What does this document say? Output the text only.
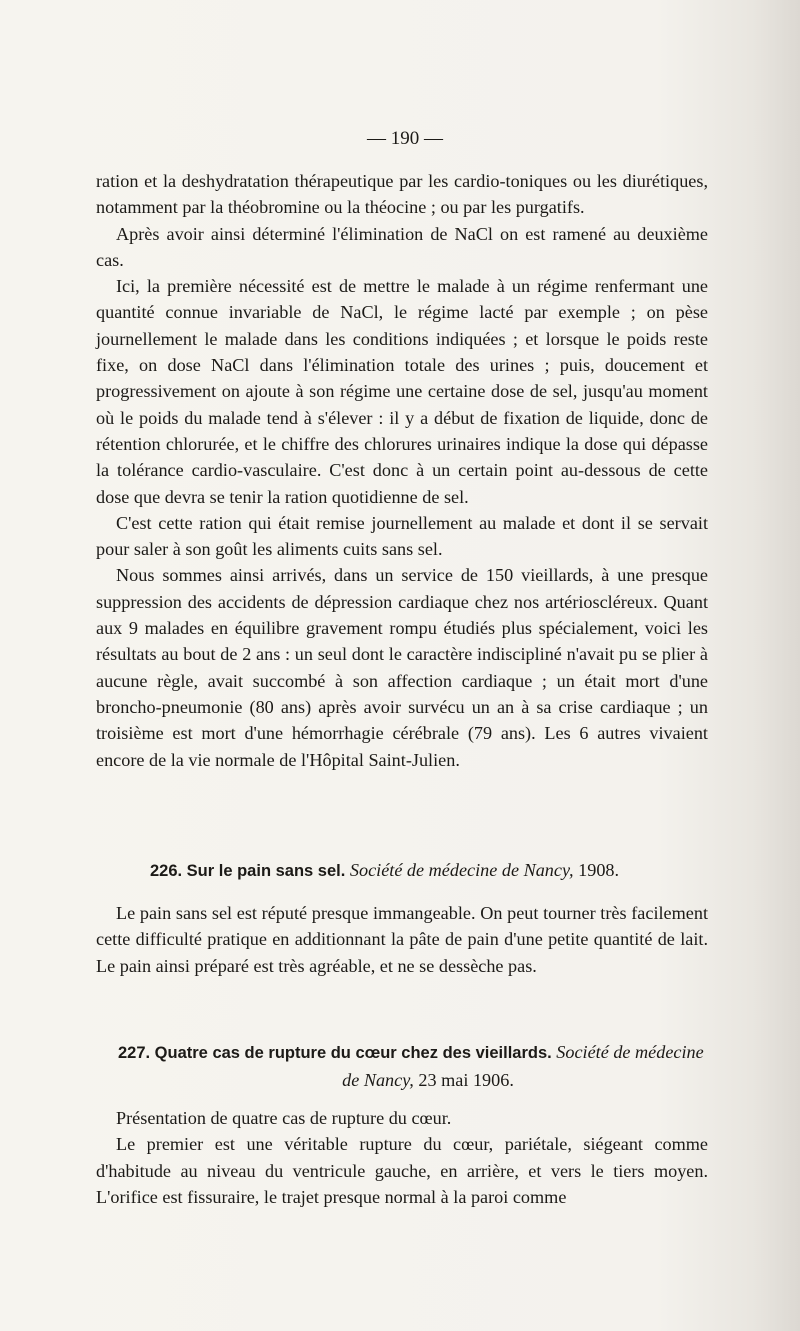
— 190 —

ration et la deshydratation thérapeutique par les cardio-toniques ou les diurétiques, notamment par la théobromine ou la théocine ; ou par les purgatifs.

Après avoir ainsi déterminé l'élimination de NaCl on est ramené au deuxième cas.

Ici, la première nécessité est de mettre le malade à un régime renfermant une quantité connue invariable de NaCl, le régime lacté par exemple ; on pèse journellement le malade dans les conditions indiquées ; et lorsque le poids reste fixe, on dose NaCl dans l'élimination totale des urines ; puis, doucement et progressivement on ajoute à son régime une certaine dose de sel, jusqu'au moment où le poids du malade tend à s'élever : il y a début de fixation de liquide, donc de rétention chlorurée, et le chiffre des chlorures urinaires indique la dose qui dépasse la tolérance cardio-vasculaire. C'est donc à un certain point au-dessous de cette dose que devra se tenir la ration quotidienne de sel.

C'est cette ration qui était remise journellement au malade et dont il se servait pour saler à son goût les aliments cuits sans sel.

Nous sommes ainsi arrivés, dans un service de 150 vieillards, à une presque suppression des accidents de dépression cardiaque chez nos artérioscléreux. Quant aux 9 malades en équilibre gravement rompu étudiés plus spécialement, voici les résultats au bout de 2 ans : un seul dont le caractère indiscipliné n'avait pu se plier à aucune règle, avait succombé à son affection cardiaque ; un était mort d'une broncho-pneumonie (80 ans) après avoir survécu un an à sa crise cardiaque ; un troisième est mort d'une hémorrhagie cérébrale (79 ans). Les 6 autres vivaient encore de la vie normale de l'Hôpital Saint-Julien.

226. Sur le pain sans sel. Société de médecine de Nancy, 1908.

Le pain sans sel est réputé presque immangeable. On peut tourner très facilement cette difficulté pratique en additionnant la pâte de pain d'une petite quantité de lait. Le pain ainsi préparé est très agréable, et ne se dessèche pas.

227. Quatre cas de rupture du cœur chez des vieillards. Société de médecine
de Nancy, 23 mai 1906.

Présentation de quatre cas de rupture du cœur.

Le premier est une véritable rupture du cœur, pariétale, siégeant comme d'habitude au niveau du ventricule gauche, en arrière, et vers le tiers moyen. L'orifice est fissuraire, le trajet presque normal à la paroi comme
